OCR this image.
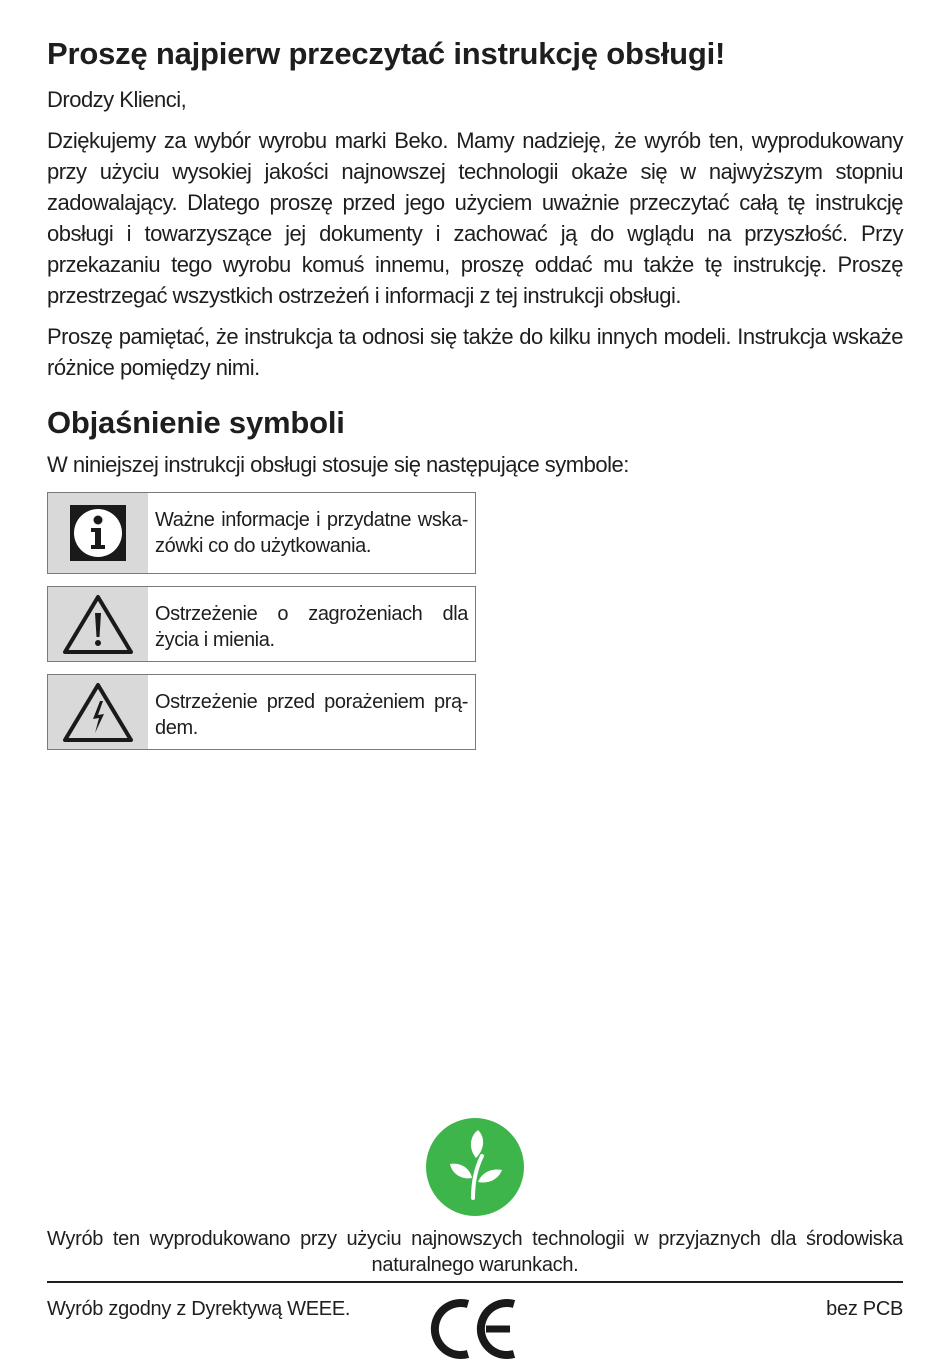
Proszę najpierw przeczytać instrukcję obsługi!

Drodzy Klienci,

Dziękujemy za wybór wyrobu marki Beko. Mamy nadzieję, że wyrób ten, wyprodukowany przy użyciu wysokiej jakości najnowszej technologii okaże się w najwyższym stopniu zadowalający. Dlatego proszę przed jego użyciem uważnie przeczytać całą tę instrukcję obsługi i towarzyszące jej dokumenty i zachować ją do wglądu na przyszłość. Przy przekazaniu tego wyrobu komuś innemu, proszę oddać mu także tę instrukcję. Proszę przestrzegać wszystkich ostrzeżeń i informacji z tej instrukcji obsługi.

Proszę pamiętać, że instrukcja ta odnosi się także do kilku innych modeli. Instrukcja wskaże różnice pomiędzy nimi.

Objaśnienie symboli

W niniejszej instrukcji obsługi stosuje się następujące symbole:

Ważne informacje i przydatne wska-zówki co do użytkowania.
Ostrzeżenie o zagrożeniach dla życia i mienia.
Ostrzeżenie przed porażeniem prą-dem.
Wyrób ten wyprodukowano przy użyciu najnowszych technologii w przyjaznych dla środowiska naturalnego warunkach.
Wyrób zgodny z Dyrektywą WEEE.	bez PCB
